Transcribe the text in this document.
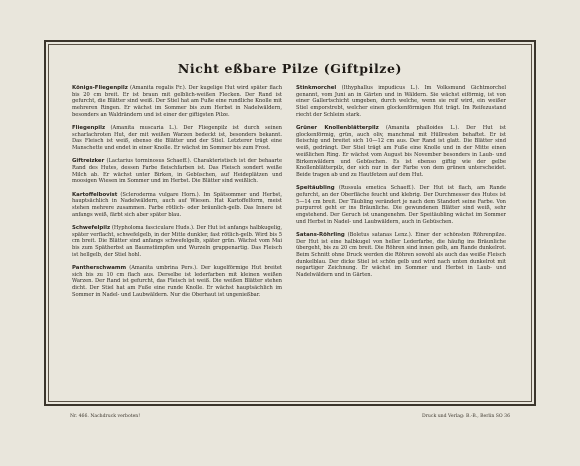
Nicht eßbare Pilze (Giftpilze)

Königs-Fliegenpilz (Amanita regalis Fr.). Der kugelige Hut wird später flach bis 20 cm breit. Er ist braun mit gelblich-weißen Flecken. Der Rand ist gefurcht, die Blätter sind weiß. Der Stiel hat am Fuße eine rundliche Knolle mit mehreren Ringen. Er wächst im Sommer bis zum Herbst in Nadelwäldern, besonders an Waldrändern und ist einer der giftigsten Pilze.

Fliegenpilz (Amanita muscaria L.). Der Fliegenpilz ist durch seinen scharlachroten Hut, der mit weißen Warzen bedeckt ist, besonders bekannt. Das Fleisch ist weiß, ebenso die Blätter und der Stiel. Letzterer trägt eine Manschette und endet in einer Knolle. Er wächst im Sommer bis zum Frost.

Giftreizker (Lactarius torminosus Schaeff.). Charakteristisch ist der behaarte Rand des Hutes, dessen Farbe fleischfarben ist. Das Fleisch sondert weiße Milch ab. Er wächst unter Birken, in Gebüschen, auf Heideplätzen und moosigen Wiesen im Sommer und im Herbst. Die Blätter sind weißlich.

Kartoffelbovist (Scleroderma vulgare Horn.). Im Spätsommer und Herbst, hauptsächlich in Nadelwäldern, auch auf Wiesen. Hat Kartoffelform, meist stehen mehrere zusammen. Farbe rötlich- oder bräunlich-gelb. Das Innere ist anfangs weiß, färbt sich aber später blau.

Schwefelpilz (Hypholoma fasciculare Huds.). Der Hut ist anfangs halbkugelig, später verflacht, schwefelgelb, in der Mitte dunkler, fast rötlich-gelb. Wird bis 5 cm breit. Die Blätter sind anfangs schwefelgelb, später grün. Wächst vom Mai bis zum Spätherbst an Baumstümpfen und Wurzeln gruppenartig. Das Fleisch ist hellgelb, der Stiel hohl.

Pantherschwamm (Amanita umbrina Pers.). Der kugelförmige Hut breitet sich bis zu 10 cm flach aus. Derselbe ist lederfarben mit kleinen weißen Warzen. Der Rand ist gefurcht, das Fleisch ist weiß. Die weißen Blätter stehen dicht. Der Stiel hat am Fuße eine runde Knolle. Er wächst hauptsächlich im Sommer in Nadel- und Laubwäldern. Nur die Oberhaut ist ungenießbar.

Stinkmorchel (Ithyphallus impudicus L.). Im Volksmund Gichtmorchel genannt, vom Juni an in Gärten und in Wäldern. Sie wächst eiförmig, ist von einer Gallertschicht umgeben, durch welche, wenn sie reif wird, ein weißer Stiel emporstrebt, welcher einen glockenförmigen Hut trägt. Im Reifezustand riecht der Schleim stark.

Grüner Knollenblätterpilz (Amanita phalloides L.). Der Hut ist glockenförmig, grün, auch oliv, manchmal mit Hüllresten behaftet. Er ist fleischig und breitet sich 10—12 cm aus. Der Rand ist glatt. Die Blätter sind weiß, gedrängt. Der Stiel trägt am Fuße eine Knolle und in der Mitte einen weißlichen Ring. Er wächst vom August bis November besonders in Laub- und Birkenwäldern und Gebüschen. Es ist ebenso giftig wie der gelbe Knollenblätterpilz, der sich nur in der Farbe von dem grünen unterscheidet. Beide tragen ab und zu Hautfetzen auf dem Hut.

Speitäubling (Russula emetica Schaeff.). Der Hut ist flach, am Rande gefurcht, an der Oberfläche feucht und klebrig. Der Durchmesser des Hutes ist 5—14 cm breit. Der Täubling verändert je nach dem Standort seine Farbe. Von purpurrot geht er ins Bräunliche. Die gewundenen Blätter sind weiß, sehr engstehend. Der Geruch ist unangenehm. Der Speitäubling wächst im Sommer und Herbst in Nadel- und Laubwäldern, auch in Gebüschen.

Satans-Röhrling (Boletus satanas Lenz.). Einer der schönsten Röhrenpilze. Der Hut ist eine halbkugel von heller Lederfarbe, die häufig ins Bräunliche übergeht, bis zu 20 cm breit. Die Röhren sind innen gelb, am Rande dunkelrot. Beim Schnitt ohne Druck werden die Röhren sowohl als auch das weiße Fleisch dunkelblau. Der dicke Stiel ist schön gelb und wird nach unten dunkelrot mit negartiger Zeichnung. Er wächst im Sommer und Herbst in Laub- und Nadelwäldern und in Gärten.

Nr. 466. Nachdruck verboten!	Druck und Verlag: B.-B., Berlin SO 36
